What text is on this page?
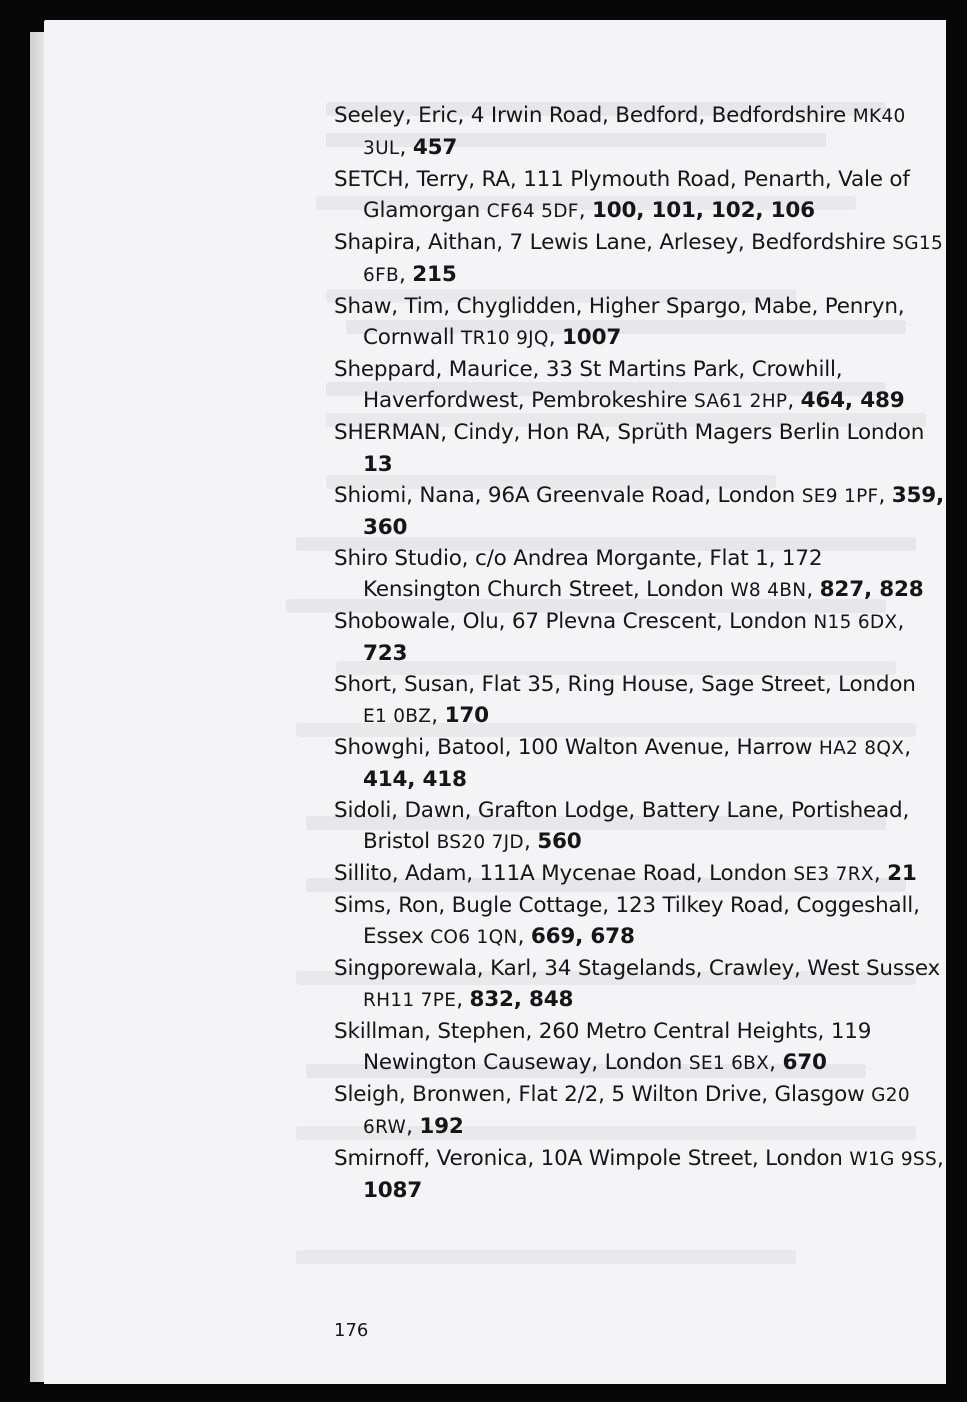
Seeley, Eric, 4 Irwin Road, Bedford, Bedfordshire MK40 3UL, 457
SETCH, Terry, RA, 111 Plymouth Road, Penarth, Vale of Glamorgan CF64 5DF, 100, 101, 102, 106
Shapira, Aithan, 7 Lewis Lane, Arlesey, Bedfordshire SG15 6FB, 215
Shaw, Tim, Chyglidden, Higher Spargo, Mabe, Penryn, Cornwall TR10 9JQ, 1007
Sheppard, Maurice, 33 St Martins Park, Crowhill, Haverfordwest, Pembrokeshire SA61 2HP, 464, 489
SHERMAN, Cindy, Hon RA, Sprüth Magers Berlin London 13
Shiomi, Nana, 96A Greenvale Road, London SE9 1PF, 359, 360
Shiro Studio, c/o Andrea Morgante, Flat 1, 172 Kensington Church Street, London W8 4BN, 827, 828
Shobowale, Olu, 67 Plevna Crescent, London N15 6DX, 723
Short, Susan, Flat 35, Ring House, Sage Street, London E1 0BZ, 170
Showghi, Batool, 100 Walton Avenue, Harrow HA2 8QX, 414, 418
Sidoli, Dawn, Grafton Lodge, Battery Lane, Portishead, Bristol BS20 7JD, 560
Sillito, Adam, 111A Mycenae Road, London SE3 7RX, 21
Sims, Ron, Bugle Cottage, 123 Tilkey Road, Coggeshall, Essex CO6 1QN, 669, 678
Singporewala, Karl, 34 Stagelands, Crawley, West Sussex RH11 7PE, 832, 848
Skillman, Stephen, 260 Metro Central Heights, 119 Newington Causeway, London SE1 6BX, 670
Sleigh, Bronwen, Flat 2/2, 5 Wilton Drive, Glasgow G20 6RW, 192
Smirnoff, Veronica, 10A Wimpole Street, London W1G 9SS, 1087
176
